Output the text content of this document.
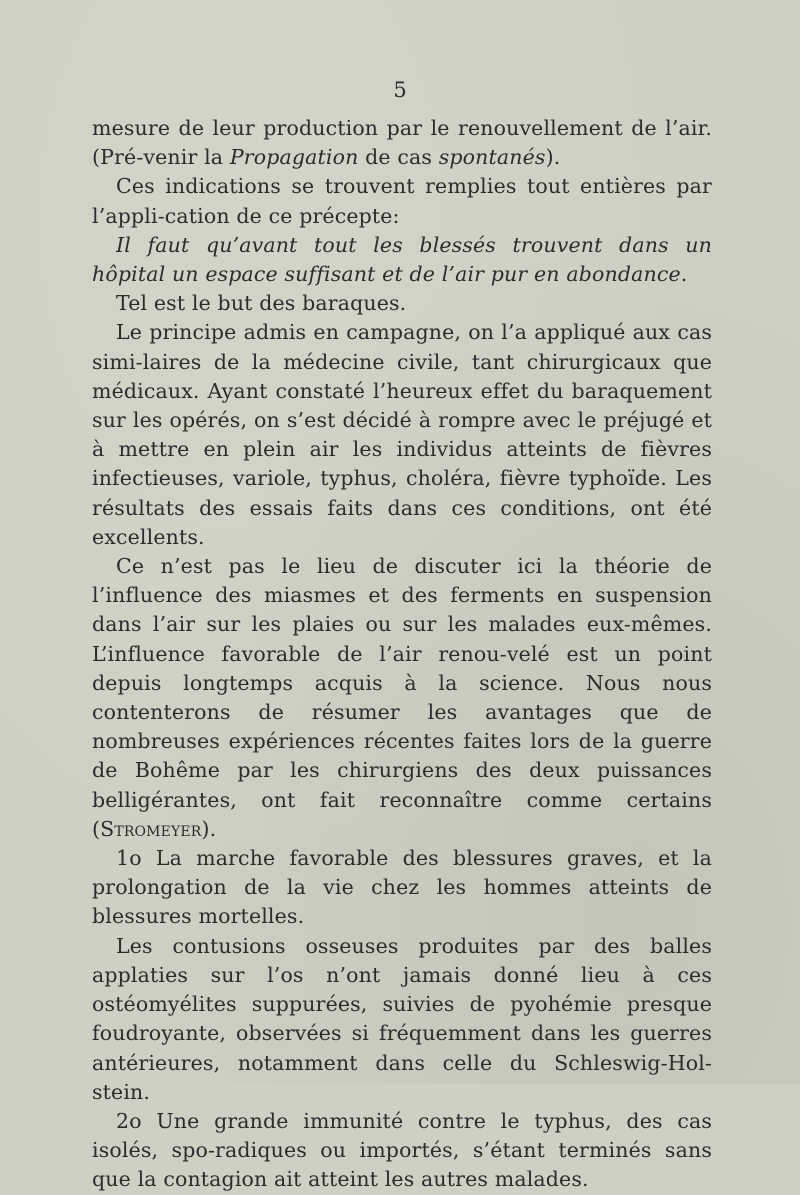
5

mesure de leur production par le renouvellement de l’air. (Pré-venir la Propagation de cas spontanés).

Ces indications se trouvent remplies tout entières par l’appli-cation de ce précepte:

Il faut qu’avant tout les blessés trouvent dans un hôpital un espace suffisant et de l’air pur en abondance.

Tel est le but des baraques.

Le principe admis en campagne, on l’a appliqué aux cas simi-laires de la médecine civile, tant chirurgicaux que médicaux. Ayant constaté l’heureux effet du baraquement sur les opérés, on s’est décidé à rompre avec le préjugé et à mettre en plein air les individus atteints de fièvres infectieuses, variole, typhus, choléra, fièvre typhoïde. Les résultats des essais faits dans ces conditions, ont été excellents.

Ce n’est pas le lieu de discuter ici la théorie de l’influence des miasmes et des ferments en suspension dans l’air sur les plaies ou sur les malades eux-mêmes. L’influence favorable de l’air renou-velé est un point depuis longtemps acquis à la science. Nous nous contenterons de résumer les avantages que de nombreuses expériences récentes faites lors de la guerre de Bohême par les chirurgiens des deux puissances belligérantes, ont fait reconnaître comme certains (Stromeyer).

1o La marche favorable des blessures graves, et la prolongation de la vie chez les hommes atteints de blessures mortelles.

Les contusions osseuses produites par des balles applaties sur l’os n’ont jamais donné lieu à ces ostéomyélites suppurées, suivies de pyohémie presque foudroyante, observées si fréquemment dans les guerres antérieures, notamment dans celle du Schleswig-Hol-stein.

2o Une grande immunité contre le typhus, des cas isolés, spo-radiques ou importés, s’étant terminés sans que la contagion ait atteint les autres malades.
